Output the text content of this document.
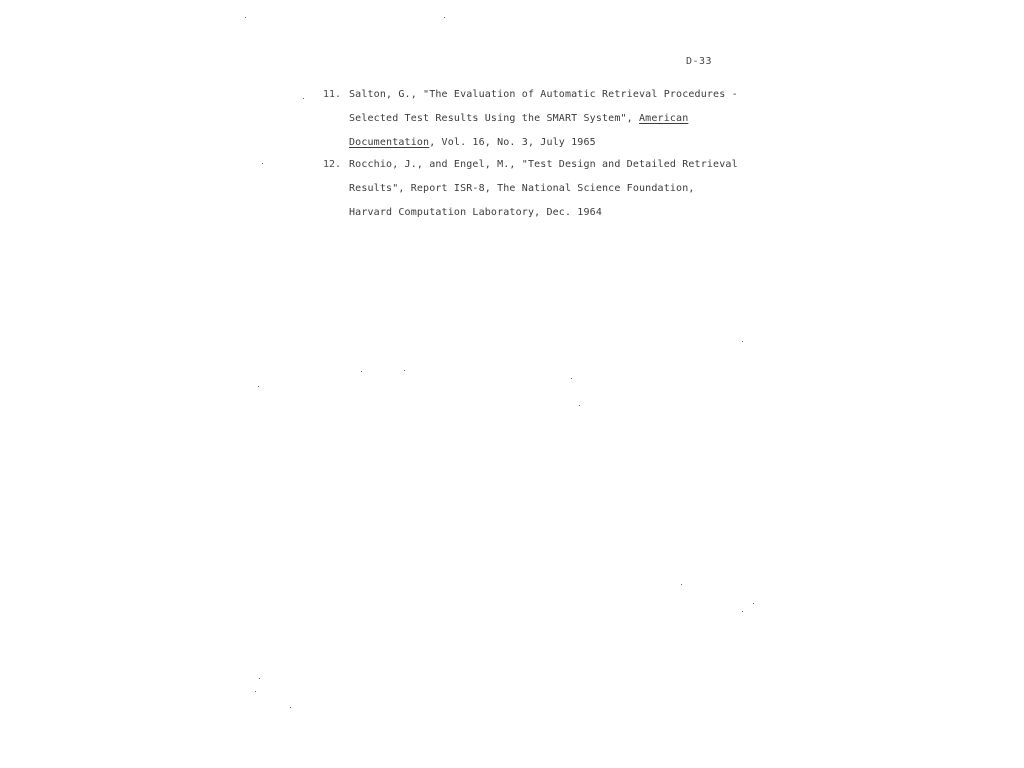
D-33
11. Salton, G., "The Evaluation of Automatic Retrieval Procedures -
Selected Test Results Using the SMART System", American
Documentation, Vol. 16, No. 3, July 1965
12. Rocchio, J., and Engel, M., "Test Design and Detailed Retrieval
Results", Report ISR-8, The National Science Foundation,
Harvard Computation Laboratory, Dec. 1964
